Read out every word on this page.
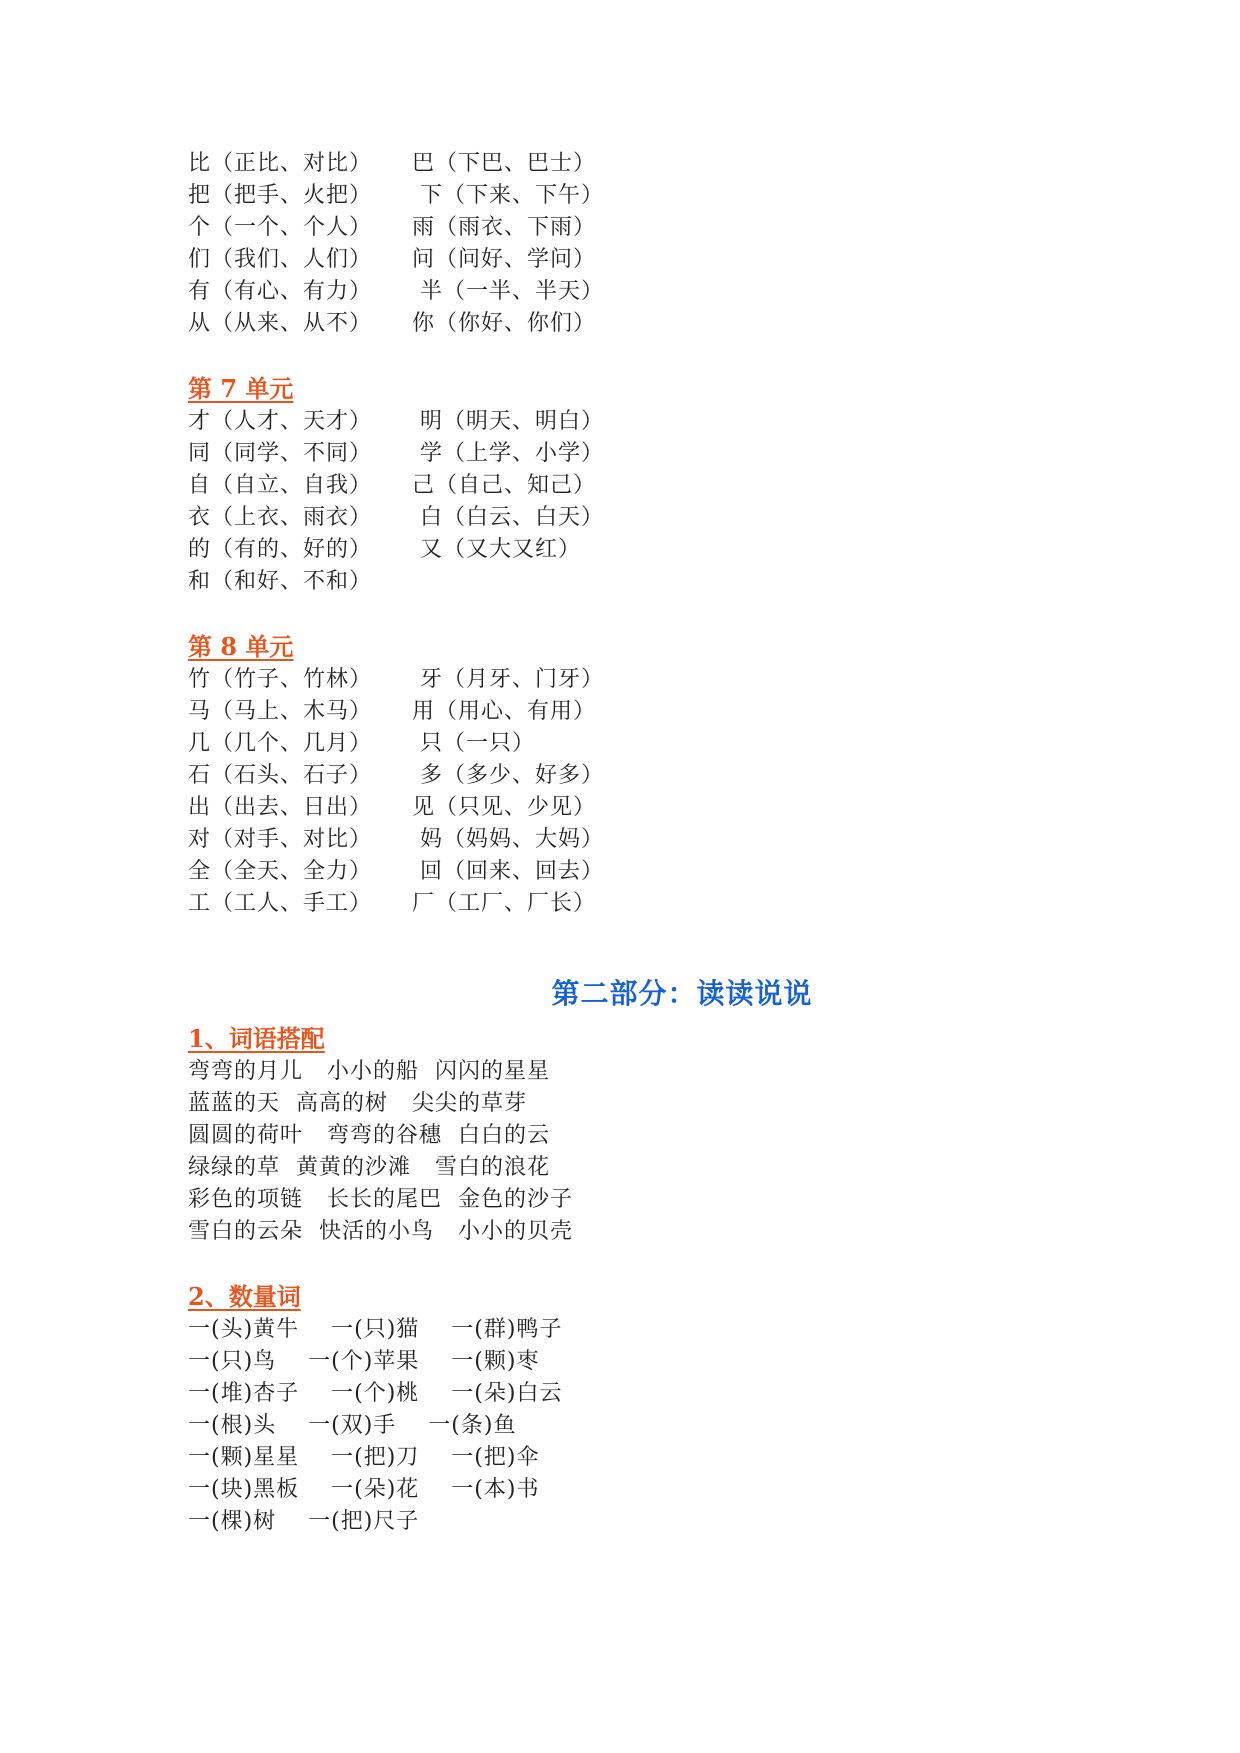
比（正比、对比） 巴（下巴、巴士）
把（把手、火把） 下（下来、下午）
个（一个、个人） 雨（雨衣、下雨）
们（我们、人们） 问（问好、学问）
有（有心、有力） 半（一半、半天）
从（从来、从不） 你（你好、你们）
第 7 单元
才（人才、天才） 明（明天、明白）
同（同学、不同） 学（上学、小学）
自（自立、自我） 己（自己、知己）
衣（上衣、雨衣） 白（白云、白天）
的（有的、好的） 又（又大又红）
和（和好、不和）
第 8 单元
竹（竹子、竹林） 牙（月牙、门牙）
马（马上、木马） 用（用心、有用）
几（几个、几月） 只（一只）
石（石头、石子） 多（多少、好多）
出（出去、日出） 见（只见、少见）
对（对手、对比） 妈（妈妈、大妈）
全（全天、全力） 回（回来、回去）
工（工人、手工） 厂（工厂、厂长）
第二部分：读读说说
1、词语搭配
弯弯的月儿   小小的船  闪闪的星星
蓝蓝的天  高高的树   尖尖的草芽
圆圆的荷叶   弯弯的谷穗  白白的云
绿绿的草  黄黄的沙滩   雪白的浪花
彩色的项链   长长的尾巴  金色的沙子
雪白的云朵  快活的小鸟   小小的贝壳
2、数量词
一(头)黄牛    一(只)猫    一(群)鸭子
一(只)鸟    一(个)苹果    一(颗)枣
一(堆)杏子    一(个)桃    一(朵)白云
一(根)头    一(双)手    一(条)鱼
一(颗)星星    一(把)刀    一(把)伞
一(块)黑板    一(朵)花    一(本)书
一(棵)树    一(把)尺子
